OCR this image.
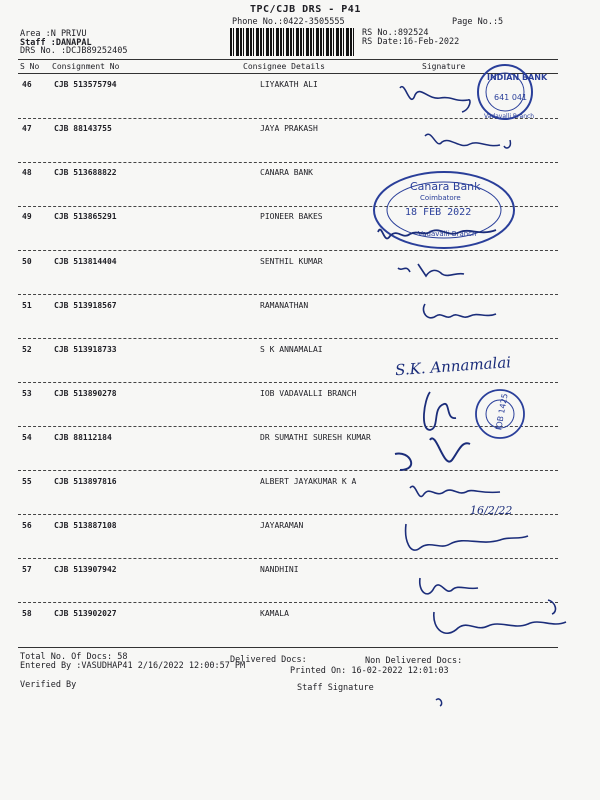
TPC/CJB DRS - P41
Phone No.:0422-3505555
Area :N PRIVU
Staff :DANAPAL
DRS No. :DCJB89252405
RS No.:892524
RS Date:16-Feb-2022
Page No.:5
S No Consignment No	Consignee Details	Signature
46	CJB 513575794	LIYAKATH ALI
47	CJB 88143755	JAYA PRAKASH
48	CJB 513688822	CANARA BANK
49	CJB 513865291	PIONEER BAKES
50	CJB 513814404	SENTHIL KUMAR
51	CJB 513918567	RAMANATHAN
52	CJB 513918733	S K ANNAMALAI
53	CJB 513890278	IOB VADAVALLI BRANCH
54	CJB 88112184	DR SUMATHI SURESH KUMAR
55	CJB 513897816	ALBERT JAYAKUMAR K A
56	CJB 513887108	JAYARAMAN
57	CJB 513907942	NANDHINI
58	CJB 513902027	KAMALA
Total No. Of Docs: 58	Delivered Docs:	Non Delivered Docs:
Entered By :VASUDHAP41 2/16/2022 12:00:57 PM	Printed On: 16-02-2022 12:01:03
Verified By	Staff Signature
INDIAN BANK
641 041
Vadavalli Branch
Canara Bank
Coimbatore
18 FEB 2022
Vadavalli Branch
S.K. Annamalai
IOB 1425
16/2/22
